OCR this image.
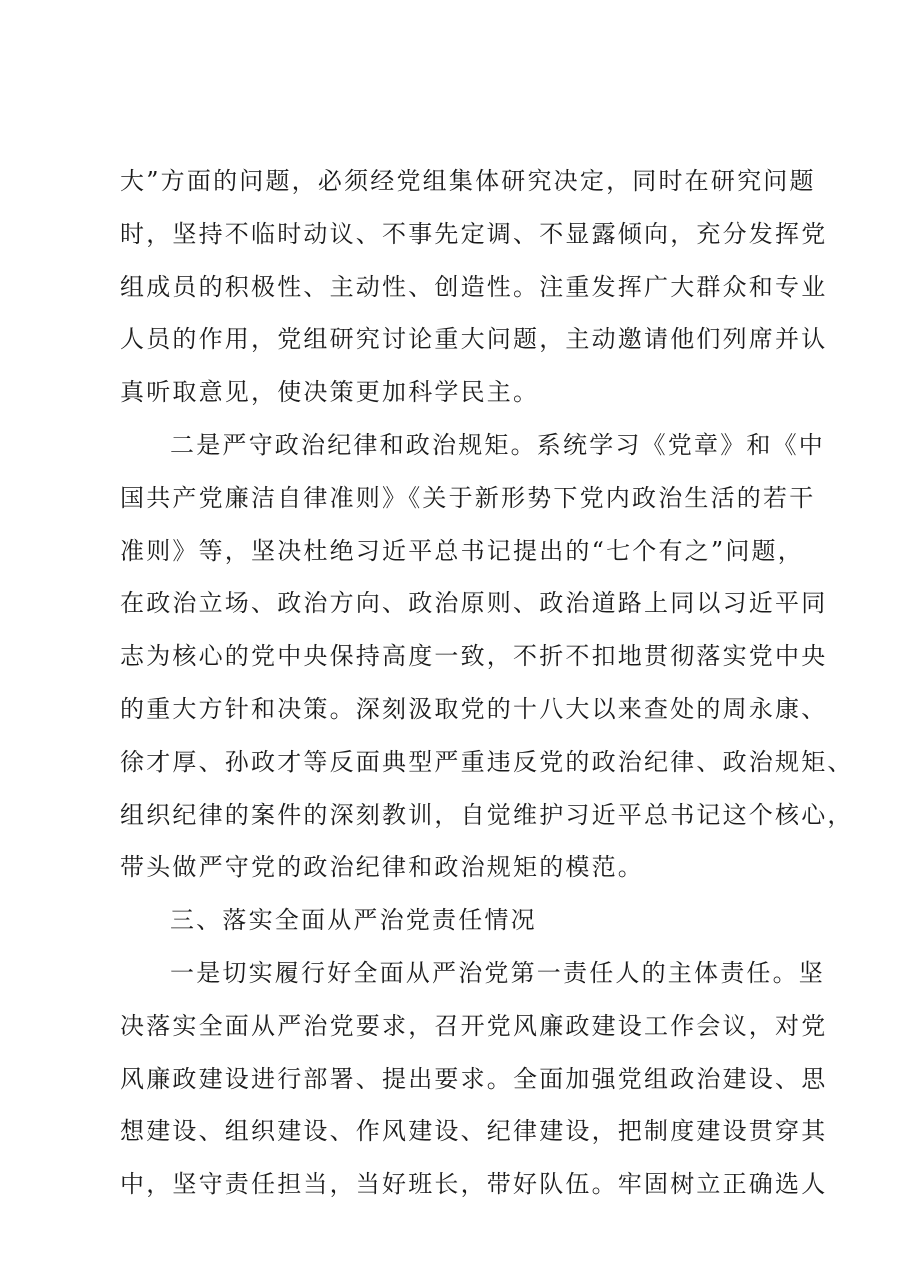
大”方面的问题，必须经党组集体研究决定，同时在研究问题
时，坚持不临时动议、不事先定调、不显露倾向，充分发挥党
组成员的积极性、主动性、创造性。注重发挥广大群众和专业
人员的作用，党组研究讨论重大问题，主动邀请他们列席并认
真听取意见，使决策更加科学民主。
二是严守政治纪律和政治规矩。系统学习《党章》和《中
国共产党廉洁自律准则》《关于新形势下党内政治生活的若干
准则》等，坚决杜绝习近平总书记提出的“七个有之”问题，
在政治立场、政治方向、政治原则、政治道路上同以习近平同
志为核心的党中央保持高度一致，不折不扣地贯彻落实党中央
的重大方针和决策。深刻汲取党的十八大以来查处的周永康、
徐才厚、孙政才等反面典型严重违反党的政治纪律、政治规矩、
组织纪律的案件的深刻教训，自觉维护习近平总书记这个核心，
带头做严守党的政治纪律和政治规矩的模范。
三、落实全面从严治党责任情况
一是切实履行好全面从严治党第一责任人的主体责任。坚
决落实全面从严治党要求，召开党风廉政建设工作会议，对党
风廉政建设进行部署、提出要求。全面加强党组政治建设、思
想建设、组织建设、作风建设、纪律建设，把制度建设贯穿其
中，坚守责任担当，当好班长，带好队伍。牢固树立正确选人
